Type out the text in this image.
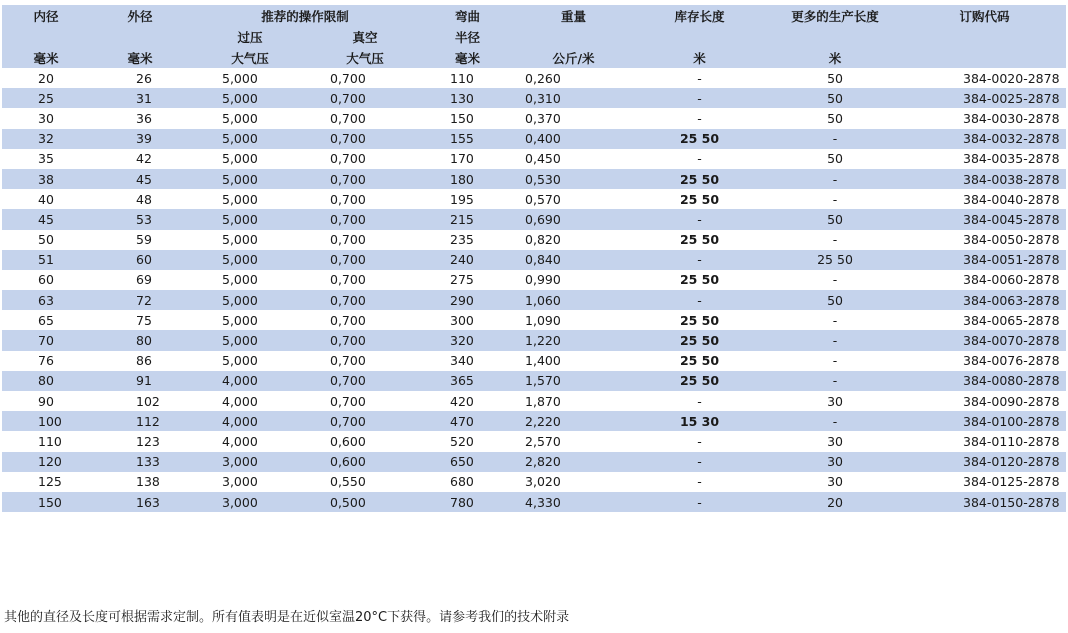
内径	外径	推荐的操作限制		弯曲	重量	库存长度	更多的生产长度	订购代码
		过压	真空	半径				
毫米	毫米	大气压	大气压	毫米	公斤/米	米	米	
20	26	5,000	0,700	110	0,260	-	50	384-0020-2878
25	31	5,000	0,700	130	0,310	-	50	384-0025-2878
30	36	5,000	0,700	150	0,370	-	50	384-0030-2878
32	39	5,000	0,700	155	0,400	25 50	-	384-0032-2878
35	42	5,000	0,700	170	0,450	-	50	384-0035-2878
38	45	5,000	0,700	180	0,530	25 50	-	384-0038-2878
40	48	5,000	0,700	195	0,570	25 50	-	384-0040-2878
45	53	5,000	0,700	215	0,690	-	50	384-0045-2878
50	59	5,000	0,700	235	0,820	25 50	-	384-0050-2878
51	60	5,000	0,700	240	0,840	-	25 50	384-0051-2878
60	69	5,000	0,700	275	0,990	25 50	-	384-0060-2878
63	72	5,000	0,700	290	1,060	-	50	384-0063-2878
65	75	5,000	0,700	300	1,090	25 50	-	384-0065-2878
70	80	5,000	0,700	320	1,220	25 50	-	384-0070-2878
76	86	5,000	0,700	340	1,400	25 50	-	384-0076-2878
80	91	4,000	0,700	365	1,570	25 50	-	384-0080-2878
90	102	4,000	0,700	420	1,870	-	30	384-0090-2878
100	112	4,000	0,700	470	2,220	15 30	-	384-0100-2878
110	123	4,000	0,600	520	2,570	-	30	384-0110-2878
120	133	3,000	0,600	650	2,820	-	30	384-0120-2878
125	138	3,000	0,550	680	3,020	-	30	384-0125-2878
150	163	3,000	0,500	780	4,330	-	20	384-0150-2878
其他的直径及长度可根据需求定制。所有值表明是在近似室温20°C下获得。请参考我们的技术附录
